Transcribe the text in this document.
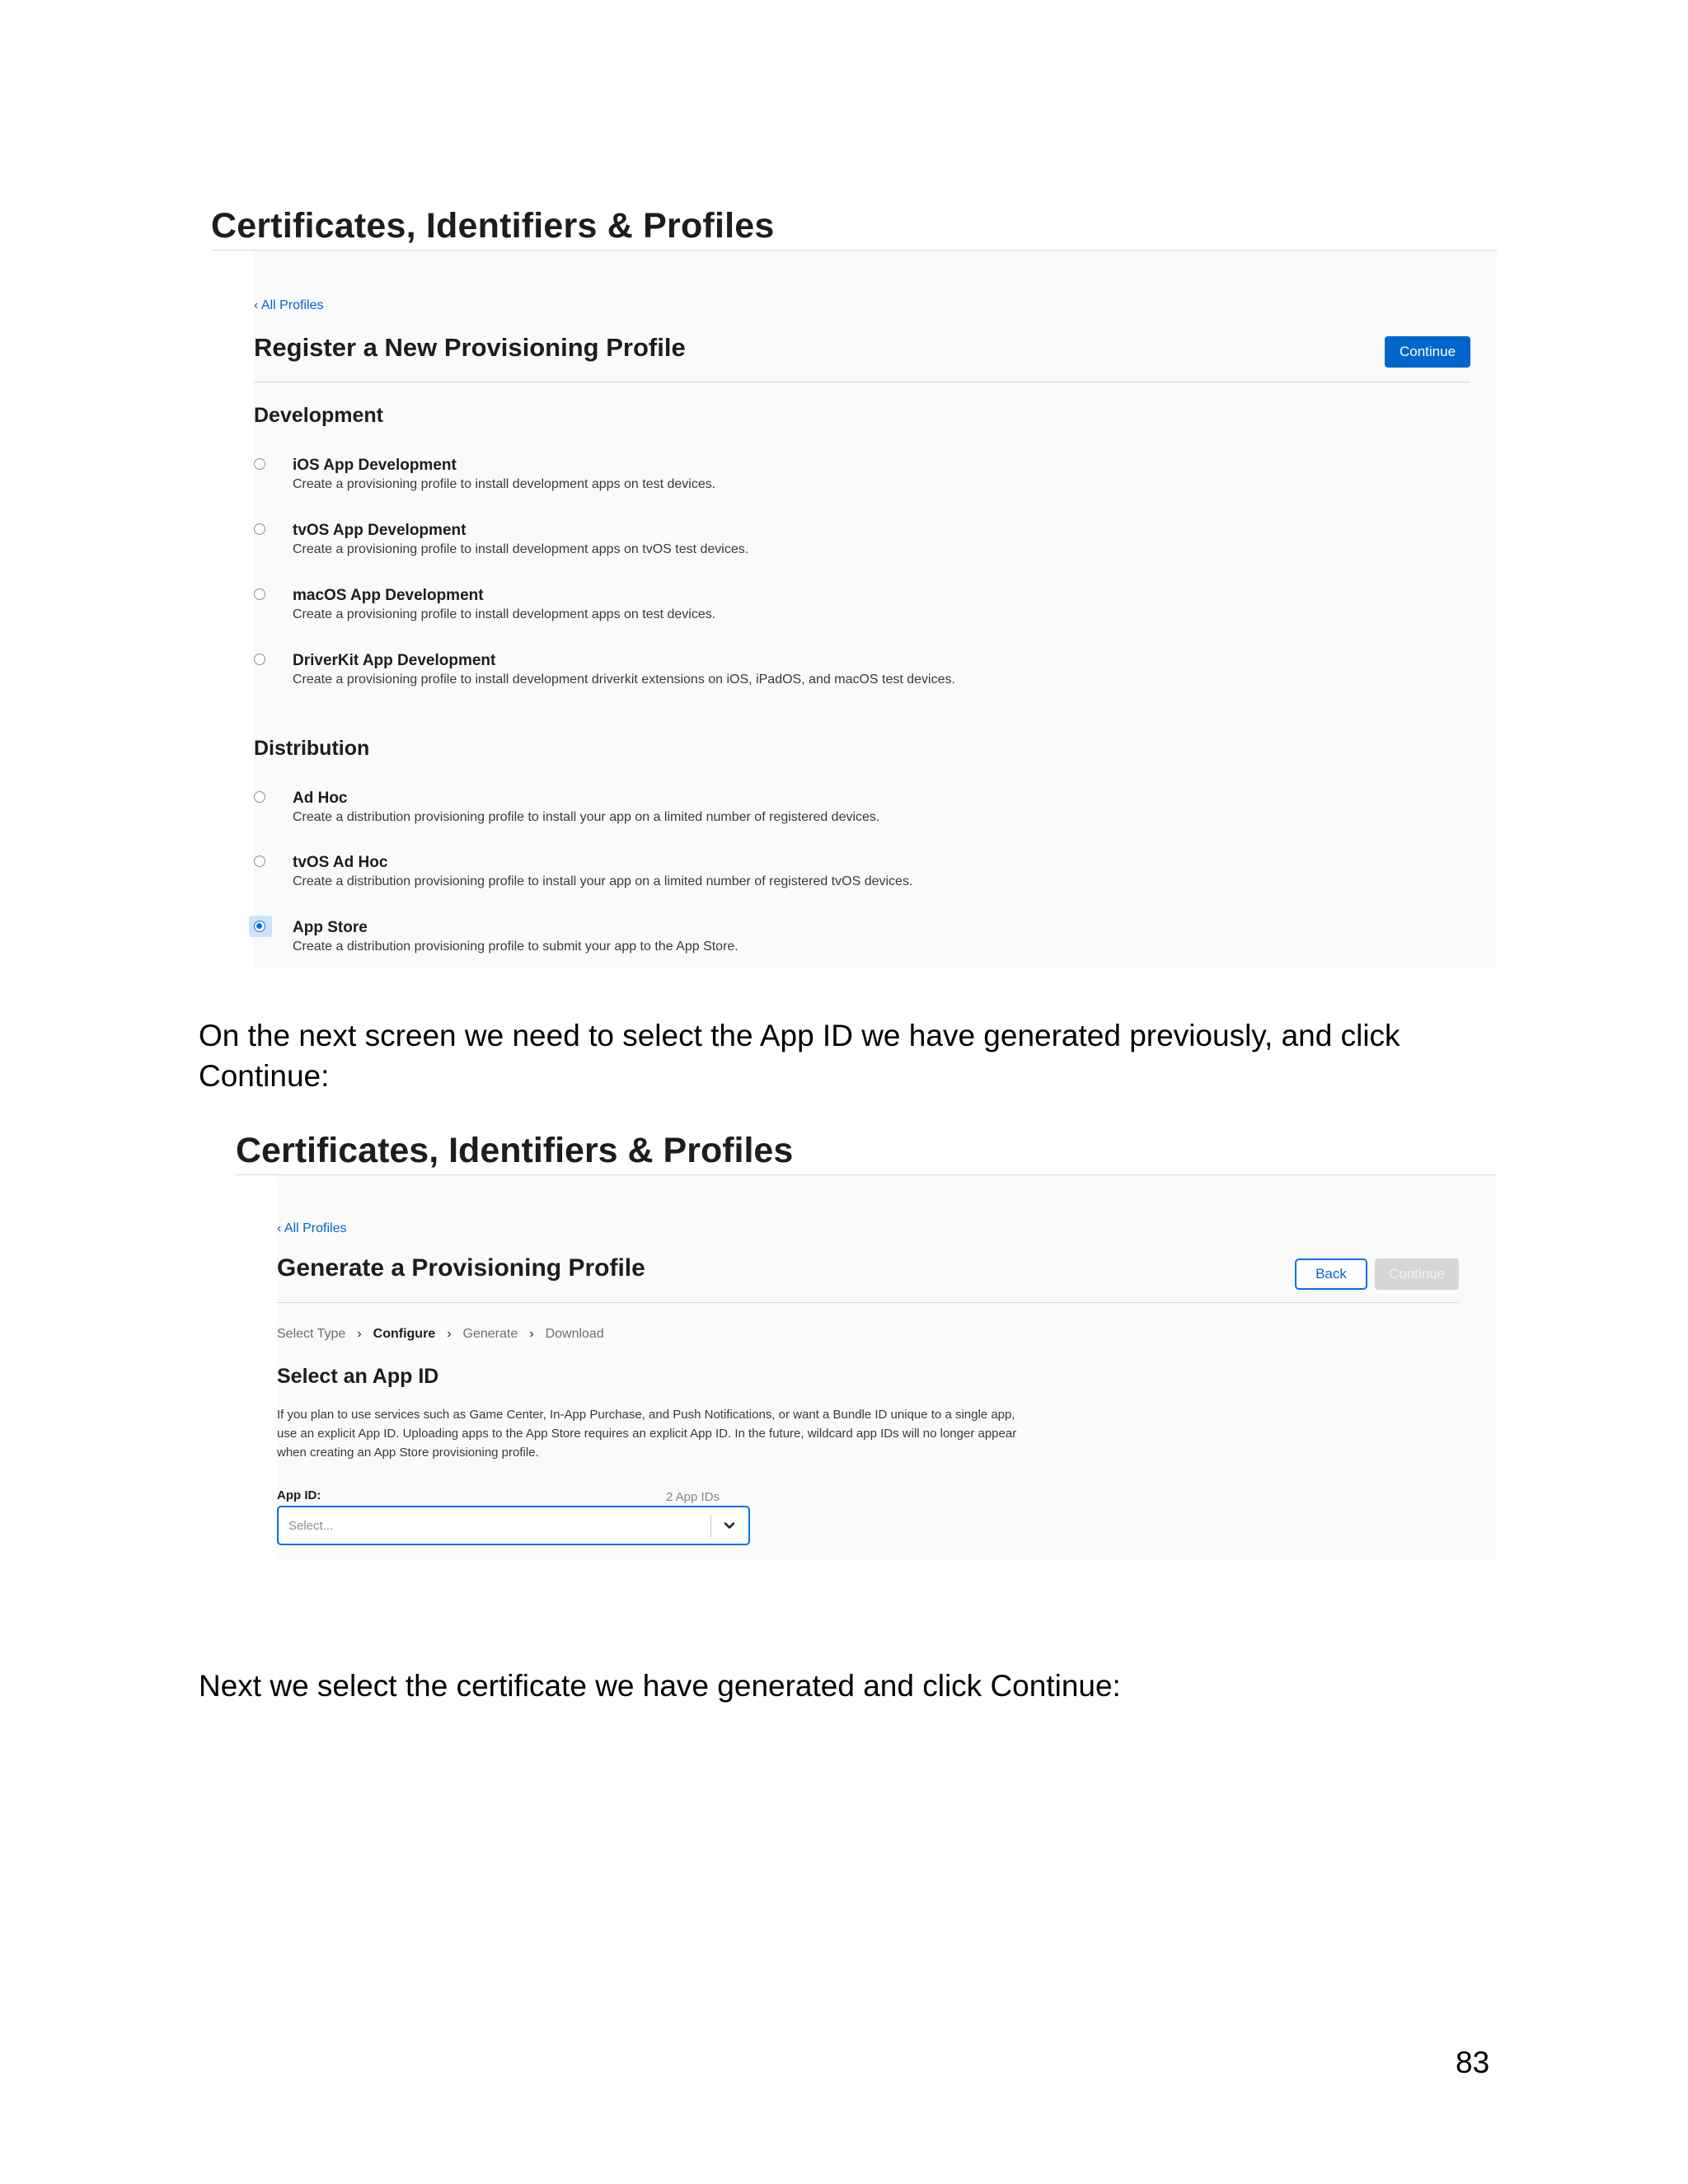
Certificates, Identifiers & Profiles
‹ All Profiles
Register a New Provisioning Profile	Continue
Development
iOS App Development
Create a provisioning profile to install development apps on test devices.
tvOS App Development
Create a provisioning profile to install development apps on tvOS test devices.
macOS App Development
Create a provisioning profile to install development apps on test devices.
DriverKit App Development
Create a provisioning profile to install development driverkit extensions on iOS, iPadOS, and macOS test devices.
Distribution
Ad Hoc
Create a distribution provisioning profile to install your app on a limited number of registered devices.
tvOS Ad Hoc
Create a distribution provisioning profile to install your app on a limited number of registered tvOS devices.
App Store
Create a distribution provisioning profile to submit your app to the App Store.

On the next screen we need to select the App ID we have generated previously, and click Continue:

Certificates, Identifiers & Profiles
‹ All Profiles
Generate a Provisioning Profile	Back	Continue
Select Type › Configure › Generate › Download
Select an App ID

If you plan to use services such as Game Center, In-App Purchase, and Push Notifications, or want a Bundle ID unique to a single app, use an explicit App ID. Uploading apps to the App Store requires an explicit App ID. In the future, wildcard app IDs will no longer appear when creating an App Store provisioning profile.

App ID:	2 App IDs
Select...

Next we select the certificate we have generated and click Continue:

83
